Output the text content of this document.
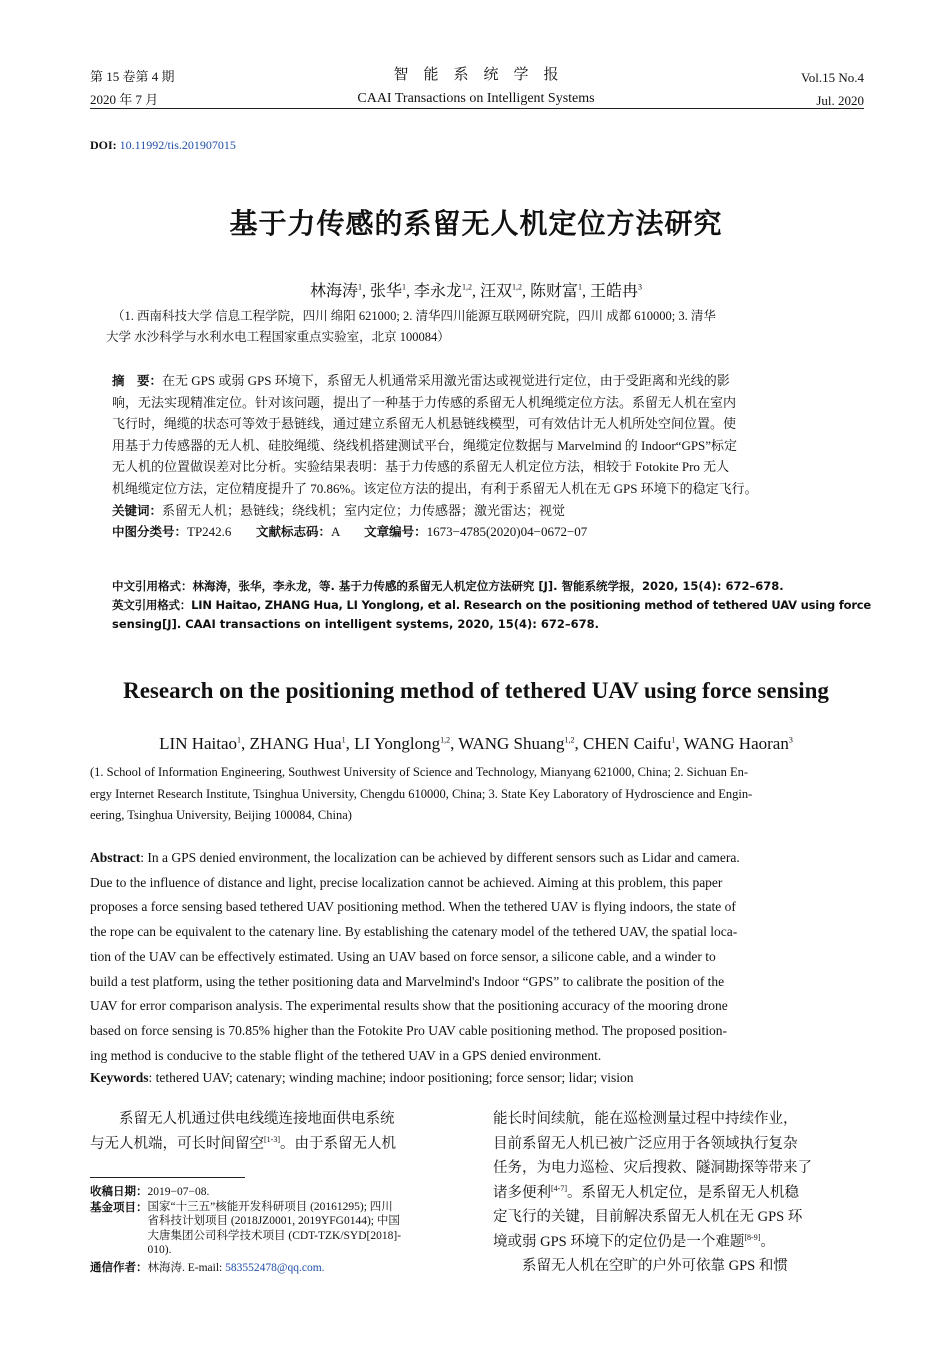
第 15 卷第 4 期
2020 年 7 月
智　能　系　统　学　报
CAAI Transactions on Intelligent Systems
Vol.15 No.4
Jul. 2020
DOI: 10.11992/tis.201907015
基于力传感的系留无人机定位方法研究
林海涛$^1$, 张华$^1$, 李永龙$^{1,2}$, 汪双$^{1,2}$, 陈财富$^1$, 王皓冉$^3$
（1. 西南科技大学 信息工程学院，四川 绵阳 621000; 2. 清华四川能源互联网研究院，四川 成都 610000; 3. 清华
大学 水沙科学与水利水电工程国家重点实验室，北京 100084）
摘　要：在无 GPS 或弱 GPS 环境下，系留无人机通常采用激光雷达或视觉进行定位，由于受距离和光线的影
响，无法实现精准定位。针对该问题，提出了一种基于力传感的系留无人机绳缆定位方法。系留无人机在室内
飞行时，绳缆的状态可等效于悬链线，通过建立系留无人机悬链线模型，可有效估计无人机所处空间位置。使
用基于力传感器的无人机、硅胶绳缆、绕线机搭建测试平台，绳缆定位数据与 Marvelmind 的 Indoor“GPS”标定
无人机的位置做误差对比分析。实验结果表明：基于力传感的系留无人机定位方法，相较于 Fotokite Pro 无人
机绳缆定位方法，定位精度提升了 70.86%。该定位方法的提出，有利于系留无人机在无 GPS 环境下的稳定飞行。
关键词：系留无人机；悬链线；绕线机；室内定位；力传感器；激光雷达；视觉
中图分类号：TP242.6 文献标志码：A 文章编号：1673−4785(2020)04−0672−07
中文引用格式：林海涛，张华，李永龙，等. 基于力传感的系留无人机定位方法研究 [J]. 智能系统学报，2020, 15(4): 672–678.
英文引用格式：LIN Haitao, ZHANG Hua, LI Yonglong, et al. Research on the positioning method of tethered UAV using force
sensing[J]. CAAI transactions on intelligent systems, 2020, 15(4): 672–678.
Research on the positioning method of tethered UAV using force sensing
LIN Haitao$^1$, ZHANG Hua$^1$, LI Yonglong$^{1,2}$, WANG Shuang$^{1,2}$, CHEN Caifu$^1$, WANG Haoran$^3$
(1. School of Information Engineering, Southwest University of Science and Technology, Mianyang 621000, China; 2. Sichuan En-
ergy Internet Research Institute, Tsinghua University, Chengdu 610000, China; 3. State Key Laboratory of Hydroscience and Engin-
eering, Tsinghua University, Beijing 100084, China)
Abstract: In a GPS denied environment, the localization can be achieved by different sensors such as Lidar and camera.
Due to the influence of distance and light, precise localization cannot be achieved. Aiming at this problem, this paper
proposes a force sensing based tethered UAV positioning method. When the tethered UAV is flying indoors, the state of
the rope can be equivalent to the catenary line. By establishing the catenary model of the tethered UAV, the spatial loca-
tion of the UAV can be effectively estimated. Using an UAV based on force sensor, a silicone cable, and a winder to
build a test platform, using the tether positioning data and Marvelmind's Indoor “GPS” to calibrate the position of the
UAV for error comparison analysis. The experimental results show that the positioning accuracy of the mooring drone
based on force sensing is 70.85% higher than the Fotokite Pro UAV cable positioning method. The proposed position-
ing method is conducive to the stable flight of the tethered UAV in a GPS denied environment.
Keywords: tethered UAV; catenary; winding machine; indoor positioning; force sensor; lidar; vision
系留无人机通过供电线缆连接地面供电系统
与无人机端，可长时间留空[1-3]。由于系留无人机
收稿日期：2019−07−08.
基金项目： 国家“十三五”核能开发科研项目 (20161295); 四川
省科技计划项目 (2018JZ0001, 2019YFG0144); 中国
大唐集团公司科学技术项目 (CDT-TZK/SYD[2018]-
010).
通信作者：林海涛. E-mail: 583552478@qq.com.
能长时间续航，能在巡检测量过程中持续作业，
目前系留无人机已被广泛应用于各领域执行复杂
任务，为电力巡检、灾后搜救、隧洞勘探等带来了
诸多便利[4-7]。系留无人机定位，是系留无人机稳
定飞行的关键，目前解决系留无人机在无 GPS 环
境或弱 GPS 环境下的定位仍是一个难题[8-9]。
系留无人机在空旷的户外可依靠 GPS 和惯
